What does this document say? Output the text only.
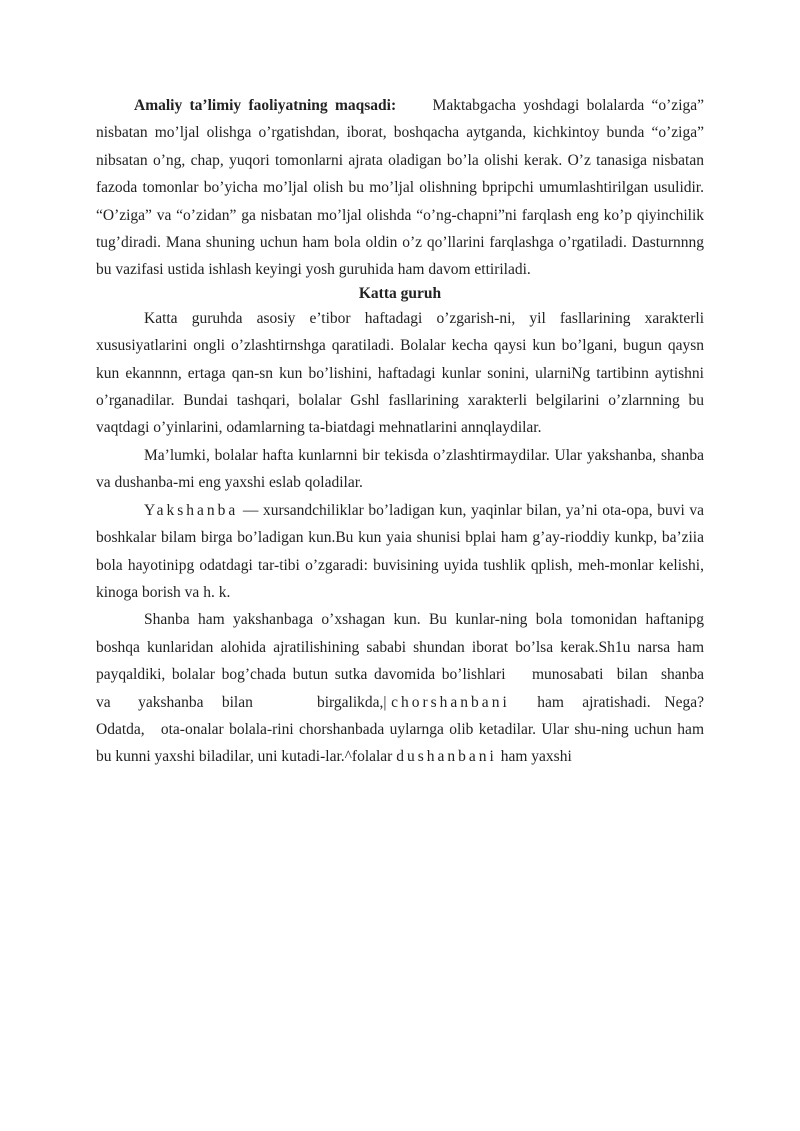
Amaliy ta’limiy faoliyatning maqsadi: Maktabgacha yoshdagi bolalarda “o’ziga” nisbatan mo’ljal olishga o’rgatishdan, iborat, boshqacha aytganda, kichkintoy bunda “o’ziga” nibsatan o’ng, chap, yuqori tomonlarni ajrata oladigan bo’la olishi kerak. O’z tanasiga nisbatan fazoda tomonlar bo’yicha mo’ljal olish bu mo’ljal olishning bpripchi umumlashtirilgan usulidir. “O’ziga” va “o’zidan” ga nisbatan mo’ljal olishda “o’ng-chapni”ni farqlash eng ko’p qiyinchilik tug’diradi. Mana shuning uchun ham bola oldin o’z qo’llarini farqlashga o’rgatiladi. Dasturnnng bu vazifasi ustida ishlash keyingi yosh guruhida ham davom ettiriladi.

Katta guruh

Katta guruhda asosiy e’tibor haftadagi o’zgarish-ni, yil fasllarining xarakterli xususiyatlarini ongli o’zlashtirnshga qaratiladi. Bolalar kecha qaysi kun bo’lgani, bugun qaysn kun ekannnn, ertaga qan-sn kun bo’lishini, haftadagi kunlar sonini, ularniNg tartibinn aytishni o’rganadilar. Bundai tashqari, bolalar Gshl fasllarining xarakterli belgilarini o’zlarnning bu vaqtdagi o’yinlarini, odamlarning ta-biatdagi mehnatlarini annqlaydilar.

Ma’lumki, bolalar hafta kunlarnni bir tekisda o’zlashtirmaydilar. Ular yakshanba, shanba va dushanba-mi eng yaxshi eslab qoladilar.

Yakshanba — xursandchiliklar bo’ladigan kun, yaqinlar bilan, ya’ni ota-opa, buvi va boshkalar bilam birga bo’ladigan kun.Bu kun yaia shunisi bplai ham g’ay-rioddiy kunkp, ba’ziia bola hayotinipg odatdagi tar-tibi o’zgaradi: buvisining uyida tushlik qplish, meh-monlar kelishi, kinoga borish va h. k.

Shanba ham yakshanbaga o’xshagan kun. Bu kunlar-ning bola tomonidan haftanipg boshqa kunlaridan alohida ajratilishining sababi shundan iborat bo’lsa kerak.Sh1u narsa ham payqaldiki, bolalar bog’chada butun sutka davomida bo’lishlari    munosabati  bilan  shanba        va      yakshanba    bilan              birgalikda,| chorshanbani      ham    ajratishadi.   Nega?   Odatda,   ota-onalar bolala-rini chorshanbada uylarnga olib ketadilar. Ular shu-ning uchun ham bu kunni yaxshi biladilar, uni kutadi-lar.^folalar dushanbani ham yaxshi
